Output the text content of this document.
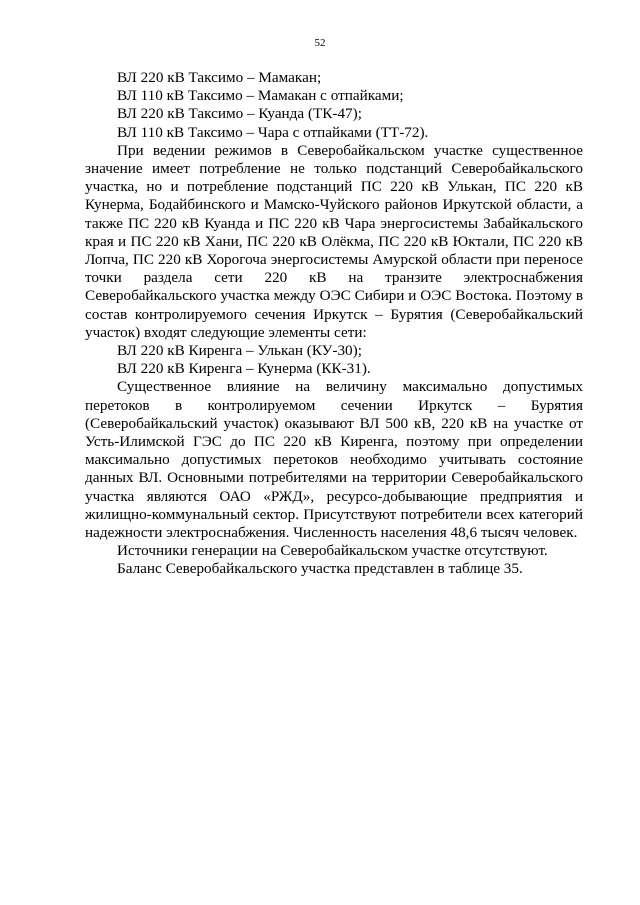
52
ВЛ 220 кВ Таксимо – Мамакан;
ВЛ 110 кВ Таксимо – Мамакан с отпайками;
ВЛ 220 кВ Таксимо – Куанда (ТК-47);
ВЛ 110 кВ Таксимо – Чара с отпайками (ТТ-72).
При ведении режимов в Северобайкальском участке существенное
значение имеет потребление не только подстанций Северобайкальского
участка, но и потребление подстанций ПС 220 кВ Улькан, ПС 220 кВ
Кунерма, Бодайбинского и Мамско-Чуйского районов Иркутской области, а
также ПС 220 кВ Куанда и ПС 220 кВ Чара энергосистемы Забайкальского
края и ПС 220 кВ Хани, ПС 220 кВ Олёкма, ПС 220 кВ Юктали, ПС 220 кВ
Лопча, ПС 220 кВ Хорогоча энергосистемы Амурской области при переносе
точки раздела сети 220 кВ на транзите электроснабжения
Северобайкальского участка между ОЭС Сибири и ОЭС Востока. Поэтому в
состав контролируемого сечения Иркутск – Бурятия (Северобайкальский
участок) входят следующие элементы сети:
ВЛ 220 кВ Киренга – Улькан (КУ-30);
ВЛ 220 кВ Киренга – Кунерма (КК-31).
Существенное влияние на величину максимально допустимых
перетоков в контролируемом сечении Иркутск – Бурятия
(Северобайкальский участок) оказывают ВЛ 500 кВ, 220 кВ на участке от
Усть-Илимской ГЭС до ПС 220 кВ Киренга, поэтому при определении
максимально допустимых перетоков необходимо учитывать состояние
данных ВЛ. Основными потребителями на территории Северобайкальского
участка являются ОАО «РЖД», ресурсо-добывающие предприятия и
жилищно-коммунальный сектор. Присутствуют потребители всех категорий
надежности электроснабжения. Численность населения 48,6 тысяч человек.
Источники генерации на Северобайкальском участке отсутствуют.
Баланс Северобайкальского участка представлен в таблице 35.
